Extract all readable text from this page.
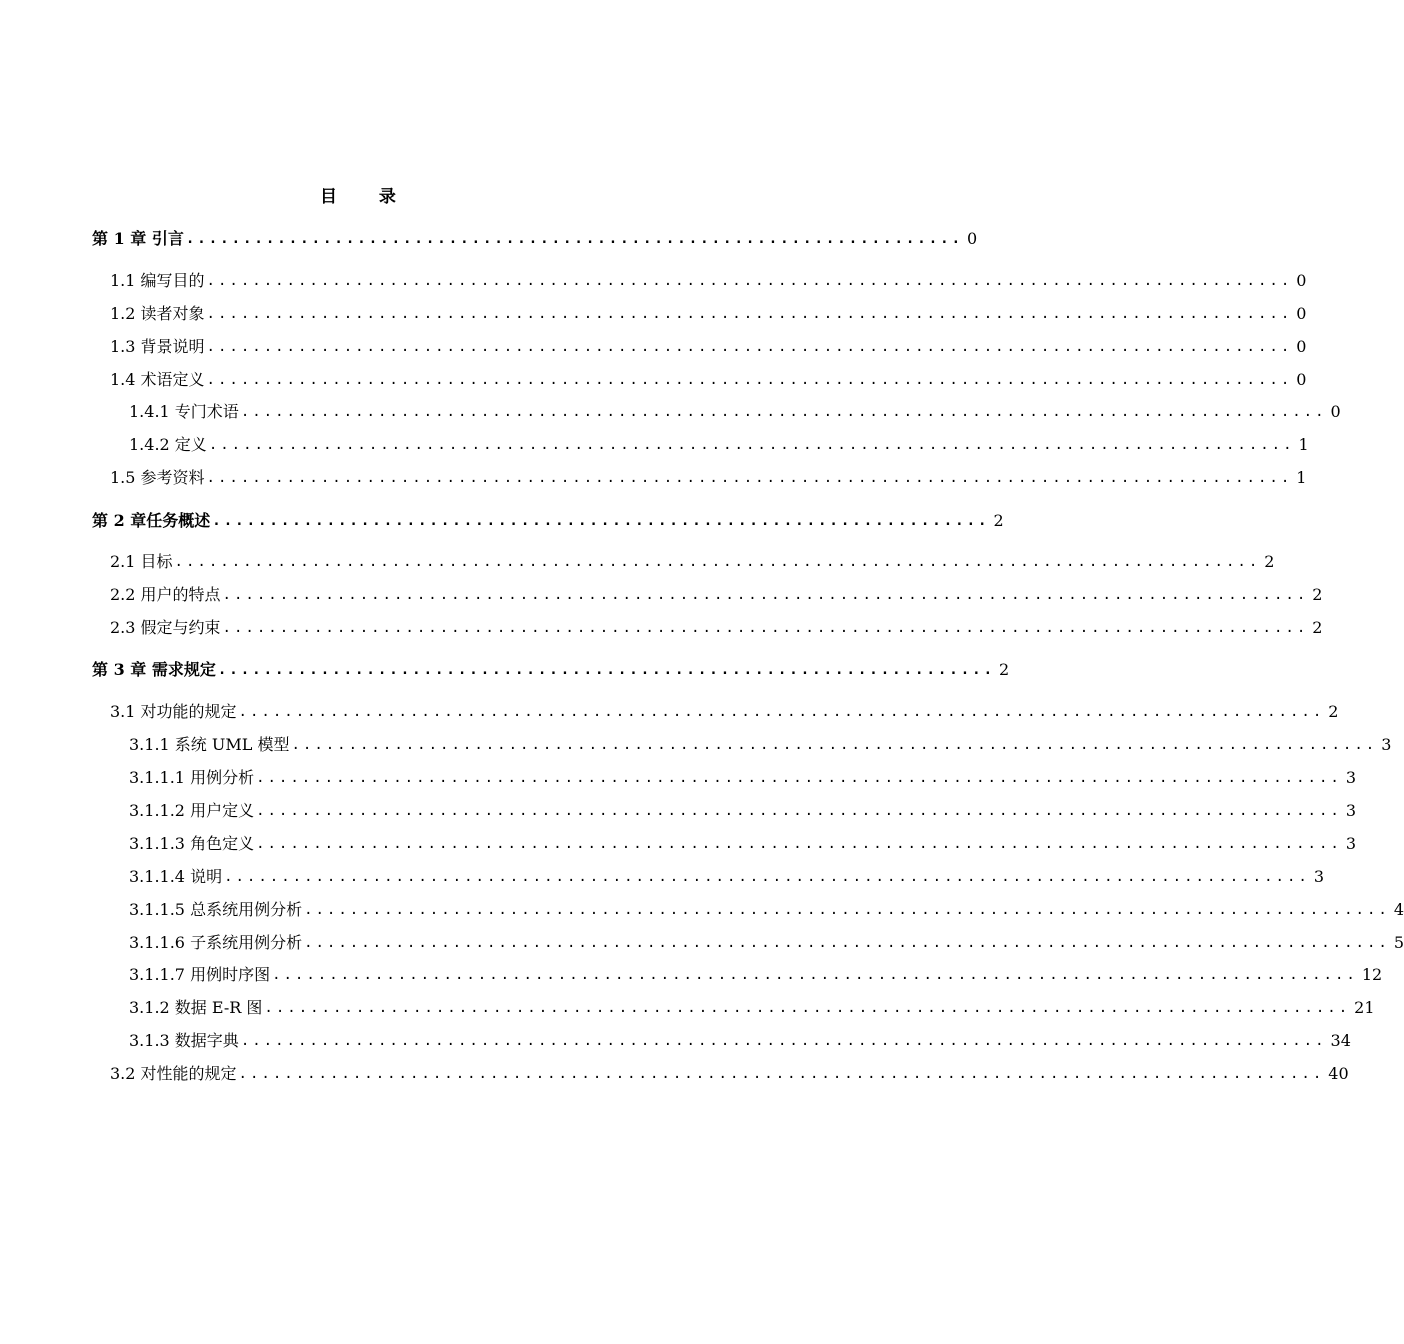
目 录
第 1 章 引言 .................................................................... 0
1.1 编写目的 ............................................................................................... 0
1.2 读者对象 ............................................................................................... 0
1.3 背景说明 ............................................................................................... 0
1.4 术语定义 ............................................................................................... 0
1.4.1 专门术语 ............................................................................................... 0
1.4.2 定义 ............................................................................................... 1
1.5 参考资料 ............................................................................................... 1
第 2 章任务概述 .................................................................... 2
2.1 目标 ............................................................................................... 2
2.2 用户的特点 ............................................................................................... 2
2.3 假定与约束 ............................................................................................... 2
第 3 章 需求规定 .................................................................... 2
3.1 对功能的规定 ............................................................................................... 2
3.1.1 系统 UML 模型 ............................................................................................... 3
3.1.1.1 用例分析 ............................................................................................... 3
3.1.1.2 用户定义 ............................................................................................... 3
3.1.1.3 角色定义 ............................................................................................... 3
3.1.1.4 说明 ............................................................................................... 3
3.1.1.5 总系统用例分析 ............................................................................................... 4
3.1.1.6 子系统用例分析 ............................................................................................... 5
3.1.1.7 用例时序图 ............................................................................................... 12
3.1.2 数据 E-R 图 ............................................................................................... 21
3.1.3 数据字典 ............................................................................................... 34
3.2 对性能的规定 ............................................................................................... 40
